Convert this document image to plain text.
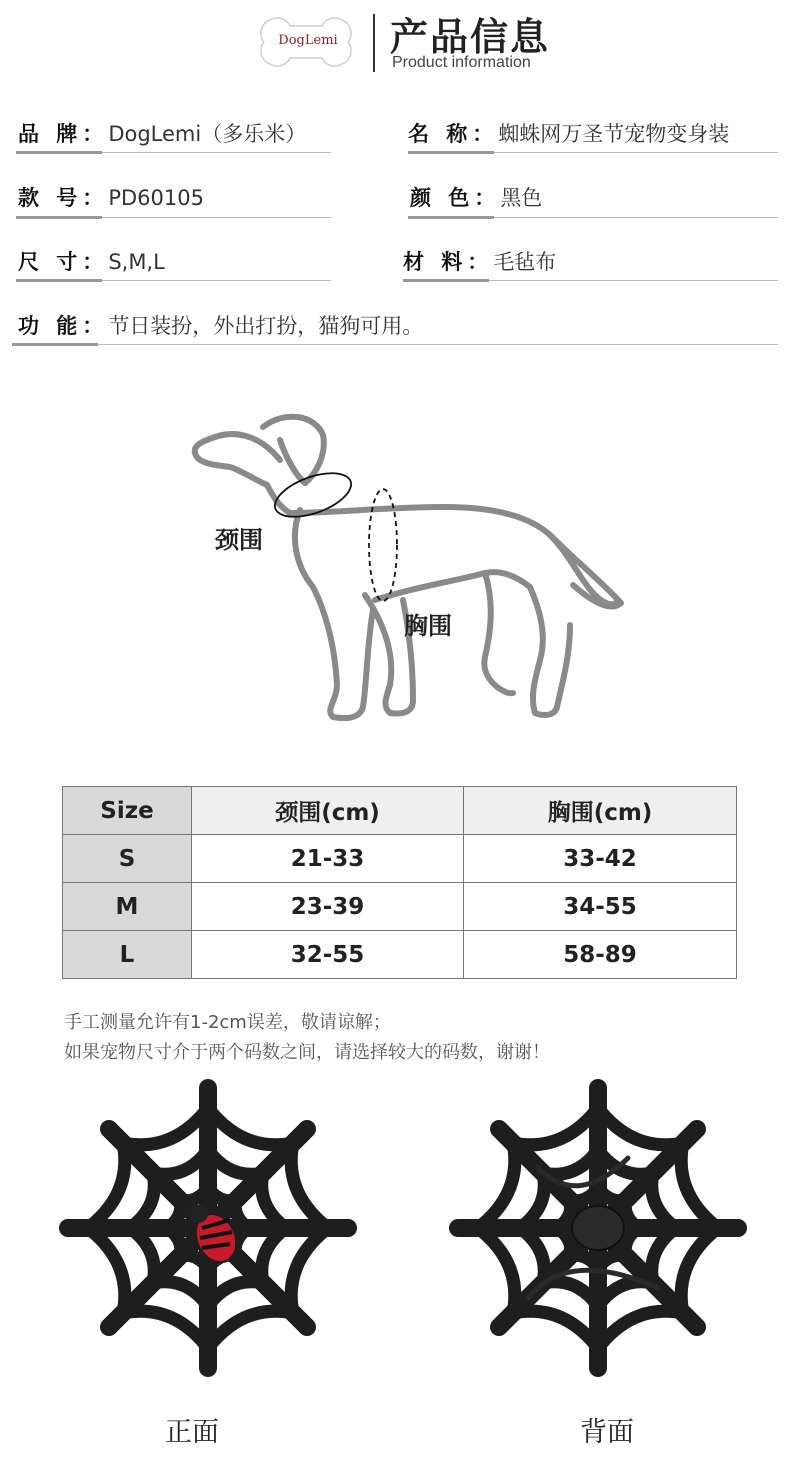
DogLemi 产品信息
Product information
品 牌：DogLemi（多乐米）	名 称：蜘蛛网万圣节宠物变身装
款 号：PD60105	颜 色：黑色
尺 寸：S,M,L	材 料：毛毡布
功 能：节日装扮，外出打扮，猫狗可用。
颈围
胸围
Size	颈围(cm)	胸围(cm)
S	21-33	33-42
M	23-39	34-55
L	32-55	58-89
手工测量允许有1-2cm误差，敬请谅解；
如果宠物尺寸介于两个码数之间，请选择较大的码数，谢谢！
正面	背面
